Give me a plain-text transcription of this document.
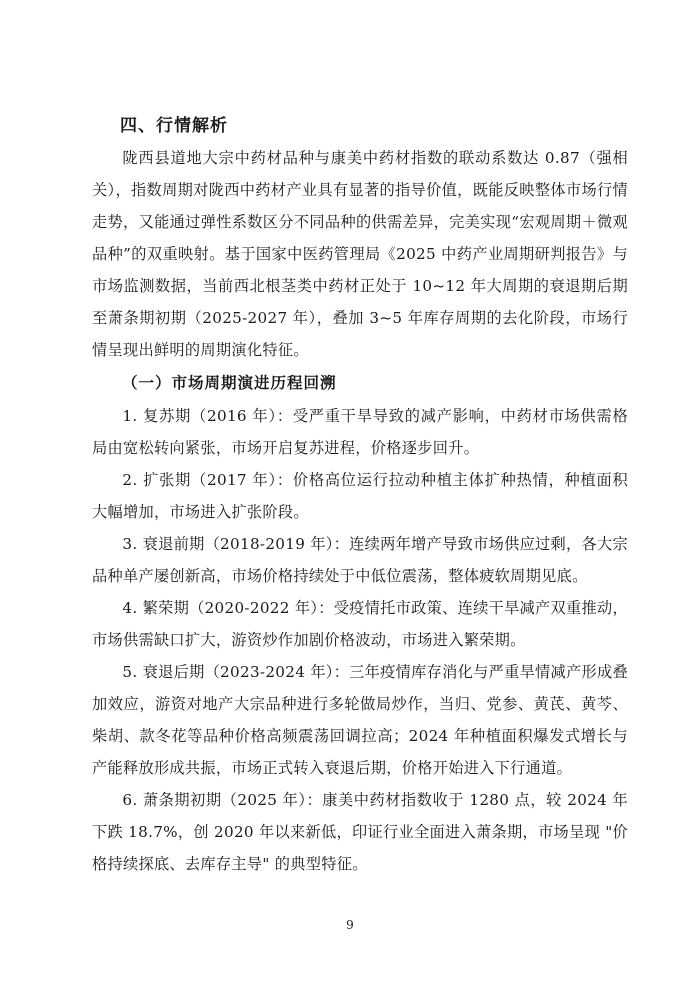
四、行情解析

陇西县道地大宗中药材品种与康美中药材指数的联动系数达 0.87（强相关），指数周期对陇西中药材产业具有显著的指导价值，既能反映整体市场行情走势，又能通过弹性系数区分不同品种的供需差异，完美实现“宏观周期＋微观品种”的双重映射。基于国家中医药管理局《2025 中药产业周期研判报告》与市场监测数据，当前西北根茎类中药材正处于 10~12 年大周期的衰退期后期至萧条期初期（2025-2027 年），叠加 3~5 年库存周期的去化阶段，市场行情呈现出鲜明的周期演化特征。

（一）市场周期演进历程回溯

1. 复苏期（2016 年）：受严重干旱导致的减产影响，中药材市场供需格局由宽松转向紧张，市场开启复苏进程，价格逐步回升。

2. 扩张期（2017 年）：价格高位运行拉动种植主体扩种热情，种植面积大幅增加，市场进入扩张阶段。

3. 衰退前期（2018-2019 年）：连续两年增产导致市场供应过剩，各大宗品种单产屡创新高，市场价格持续处于中低位震荡，整体疲软周期见底。

4. 繁荣期（2020-2022 年）：受疫情托市政策、连续干旱减产双重推动，市场供需缺口扩大，游资炒作加剧价格波动，市场进入繁荣期。

5. 衰退后期（2023-2024 年）：三年疫情库存消化与严重旱情减产形成叠加效应，游资对地产大宗品种进行多轮做局炒作，当归、党参、黄芪、黄芩、柴胡、款冬花等品种价格高频震荡回调拉高；2024 年种植面积爆发式增长与产能释放形成共振，市场正式转入衰退后期，价格开始进入下行通道。

6. 萧条期初期（2025 年）：康美中药材指数收于 1280 点，较 2024 年下跌 18.7%，创 2020 年以来新低，印证行业全面进入萧条期，市场呈现 "价格持续探底、去库存主导" 的典型特征。

9
